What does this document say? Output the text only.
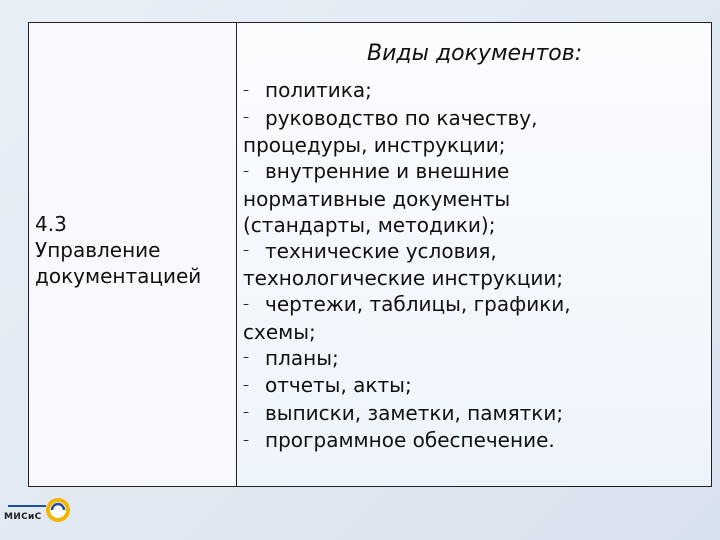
4.3
Управление
документацией
Виды документов:
– политика;
– руководство по качеству,
процедуры, инструкции;
– внутренние и внешние
нормативные документы
(стандарты, методики);
– технические условия,
технологические инструкции;
– чертежи, таблицы, графики,
схемы;
– планы;
– отчеты, акты;
– выписки, заметки, памятки;
– программное обеспечение.
МИСиС
